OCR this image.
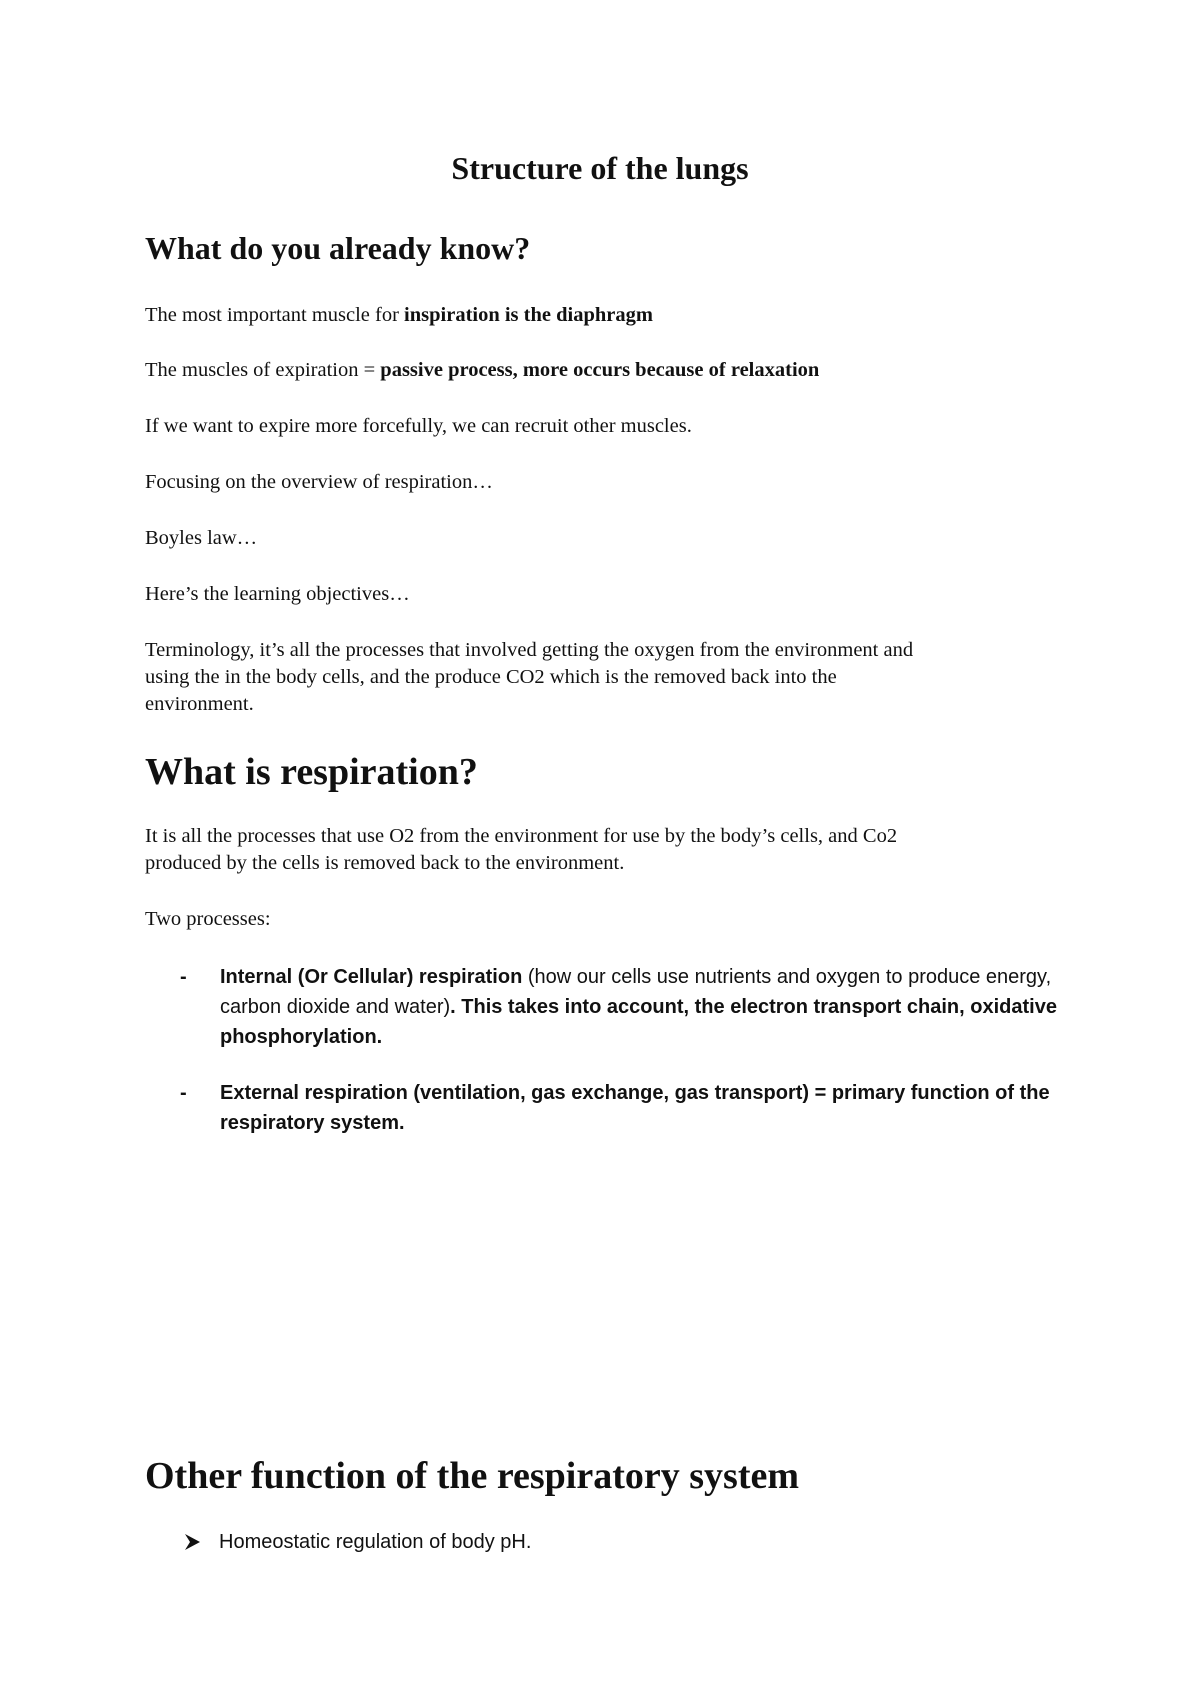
Structure of the lungs
What do you already know?

The most important muscle for inspiration is the diaphragm

The muscles of expiration = passive process, more occurs because of relaxation

If we want to expire more forcefully, we can recruit other muscles.

Focusing on the overview of respiration…

Boyles law…

Here’s the learning objectives…

Terminology, it’s all the processes that involved getting the oxygen from the environment and
using the in the body cells, and the produce CO2 which is the removed back into the
environment.

What is respiration?

It is all the processes that use O2 from the environment for use by the body’s cells, and Co2
produced by the cells is removed back to the environment.

Two processes:

-	Internal (Or Cellular) respiration (how our cells use nutrients and oxygen to produce energy, carbon dioxide and water). This takes into account, the electron transport chain, oxidative phosphorylation.
-	External respiration (ventilation, gas exchange, gas transport) = primary function of the respiratory system.
Other function of the respiratory system
Homeostatic regulation of body pH.
